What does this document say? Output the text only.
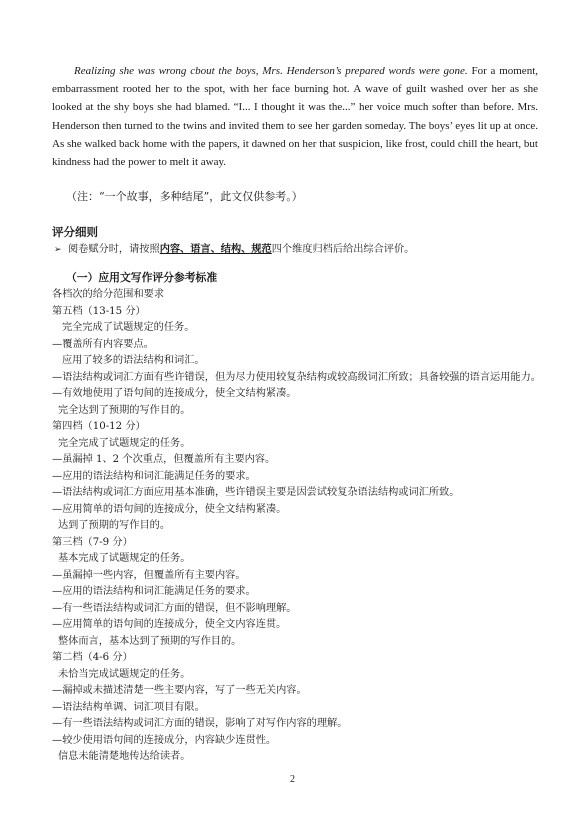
Realizing she was wrong cbout the boys, Mrs. Henderson’s prepared words were gone. For a moment, embarrassment rooted her to the spot, with her face burning hot. A wave of guilt washed over her as she looked at the shy boys she had blamed. “I... I thought it was the...” her voice much softer than before. Mrs. Henderson then turned to the twins and invited them to see her garden someday. The boys’ eyes lit up at once. As she walked back home with the papers, it dawned on her that suspicion, like frost, could chill the heart, but kindness had the power to melt it away.

（注：“一个故事，多种结尾”，此文仅供参考。）
评分细则
➢ 阅卷赋分时，请按照内容、语言、结构、规范四个维度归档后给出综合评价。
（一）应用文写作评分参考标准
各档次的给分范围和要求
第五档（13-15 分）
完全完成了试题规定的任务。
—覆盖所有内容要点。
应用了较多的语法结构和词汇。
—语法结构或词汇方面有些许错误，但为尽力使用较复杂结构或较高级词汇所致；具备较强的语言运用能力。
—有效地使用了语句间的连接成分，使全文结构紧凑。
完全达到了预期的写作目的。
第四档（10-12 分）
完全完成了试题规定的任务。
—虽漏掉 1、2 个次重点，但覆盖所有主要内容。
—应用的语法结构和词汇能满足任务的要求。
—语法结构或词汇方面应用基本准确，些许错误主要是因尝试较复杂语法结构或词汇所致。
—应用简单的语句间的连接成分，使全文结构紧凑。
达到了预期的写作目的。
第三档（7-9 分）
基本完成了试题规定的任务。
—虽漏掉一些内容，但覆盖所有主要内容。
—应用的语法结构和词汇能满足任务的要求。
—有一些语法结构或词汇方面的错误，但不影响理解。
—应用简单的语句间的连接成分，使全文内容连贯。
整体而言，基本达到了预期的写作目的。
第二档（4-6 分）
未恰当完成试题规定的任务。
—漏掉或未描述清楚一些主要内容，写了一些无关内容。
—语法结构单调、词汇项目有限。
—有一些语法结构或词汇方面的错误，影响了对写作内容的理解。
—较少使用语句间的连接成分，内容缺少连贯性。
信息未能清楚地传达给读者。
2
